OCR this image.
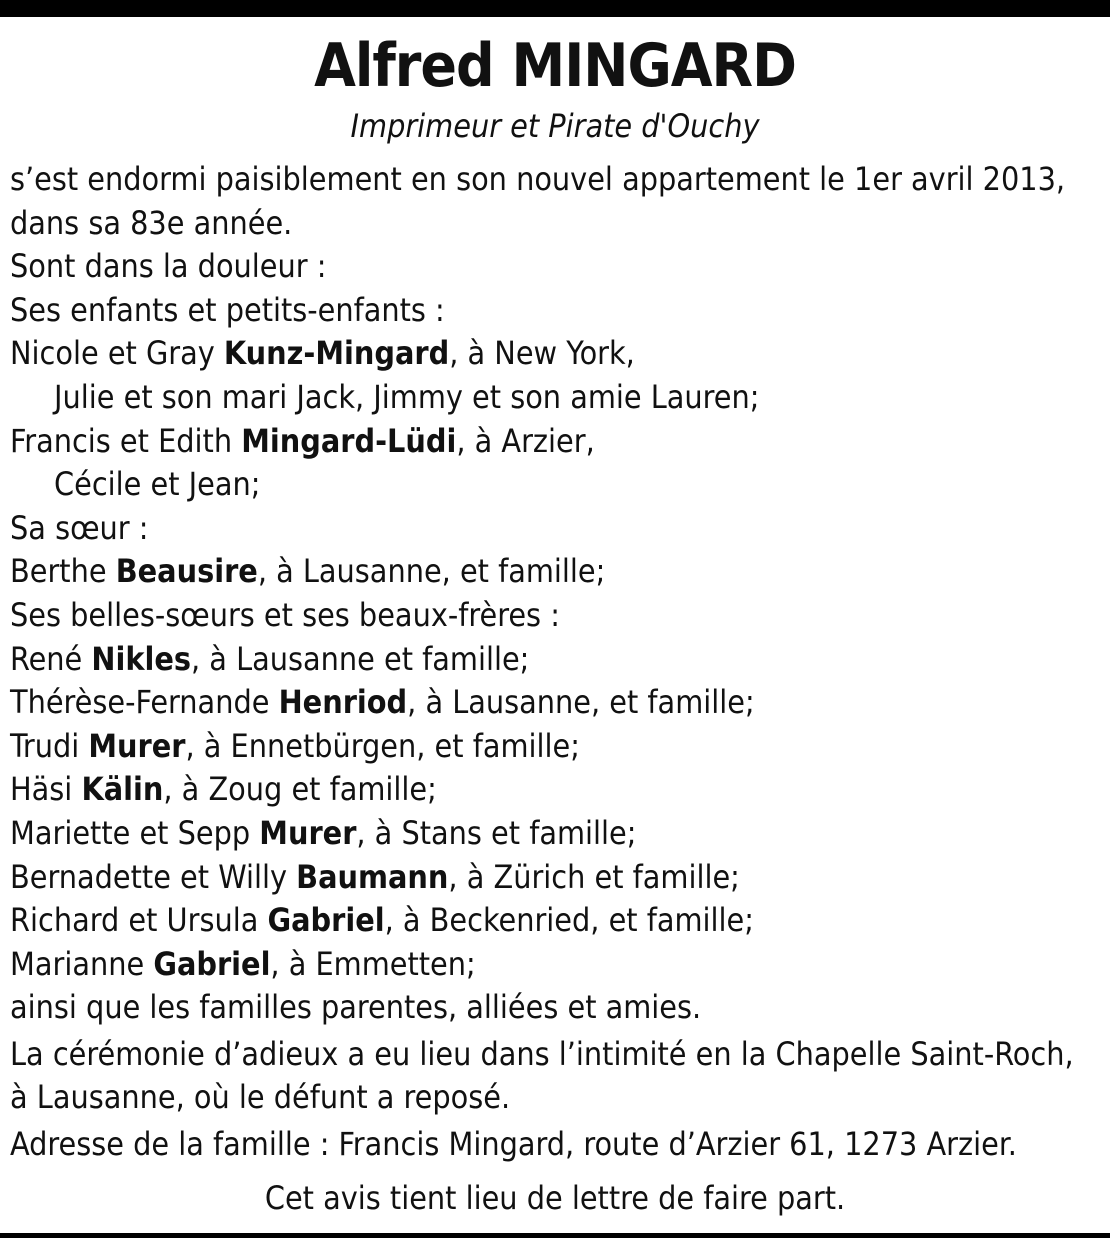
Alfred MINGARD
Imprimeur et Pirate d'Ouchy
s’est endormi paisiblement en son nouvel appartement le 1er avril 2013,
dans sa 83e année.
Sont dans la douleur :
Ses enfants et petits-enfants :
Nicole et Gray Kunz-Mingard, à New York,
Julie et son mari Jack, Jimmy et son amie Lauren;
Francis et Edith Mingard-Lüdi, à Arzier,
Cécile et Jean;
Sa sœur :
Berthe Beausire, à Lausanne, et famille;
Ses belles-sœurs et ses beaux-frères :
René Nikles, à Lausanne et famille;
Thérèse-Fernande Henriod, à Lausanne, et famille;
Trudi Murer, à Ennetbürgen, et famille;
Häsi Kälin, à Zoug et famille;
Mariette et Sepp Murer, à Stans et famille;
Bernadette et Willy Baumann, à Zürich et famille;
Richard et Ursula Gabriel, à Beckenried, et famille;
Marianne Gabriel, à Emmetten;
ainsi que les familles parentes, alliées et amies.
La cérémonie d’adieux a eu lieu dans l’intimité en la Chapelle Saint-Roch,
à Lausanne, où le défunt a reposé.
Adresse de la famille : Francis Mingard, route d’Arzier 61, 1273 Arzier.
Cet avis tient lieu de lettre de faire part.
